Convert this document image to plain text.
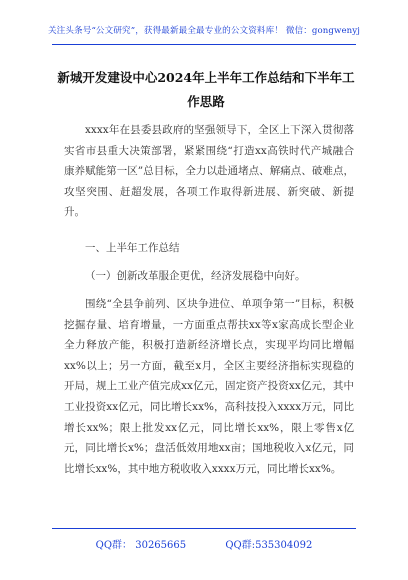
关注头条号“公文研究”，获得最新最全最专业的公文资料库！ 微信：gongwenyj
新城开发建设中心2024年上半年工作总结和下半年工作思路
xxxx年在县委县政府的坚强领导下，全区上下深入贯彻落实省市县重大决策部署，紧紧围绕“打造xx高铁时代产城融合康养赋能第一区”总目标，全力以赴通堵点、解痛点、破难点，攻坚突围、赶超发展，各项工作取得新进展、新突破、新提升。
一、上半年工作总结
（一）创新改革服企更优，经济发展稳中向好。
围绕“全县争前列、区块争进位、单项争第一”目标，积极挖掘存量、培育增量，一方面重点帮扶xx等x家高成长型企业全力释放产能，积极打造新经济增长点，实现平均同比增幅xx%以上；另一方面，截至x月，全区主要经济指标实现稳的开局，规上工业产值完成xx亿元，固定资产投资xx亿元，其中工业投资xx亿元，同比增长xx%，高科技投入xxxx万元，同比增长xx%；限上批发xx亿元，同比增长xx%，限上零售x亿元，同比增长x%；盘活低效用地xx亩；国地税收入x亿元，同比增长xx%，其中地方税收收入xxxx万元，同比增长xx%。
QQ群： 30265665	QQ群:535304092
